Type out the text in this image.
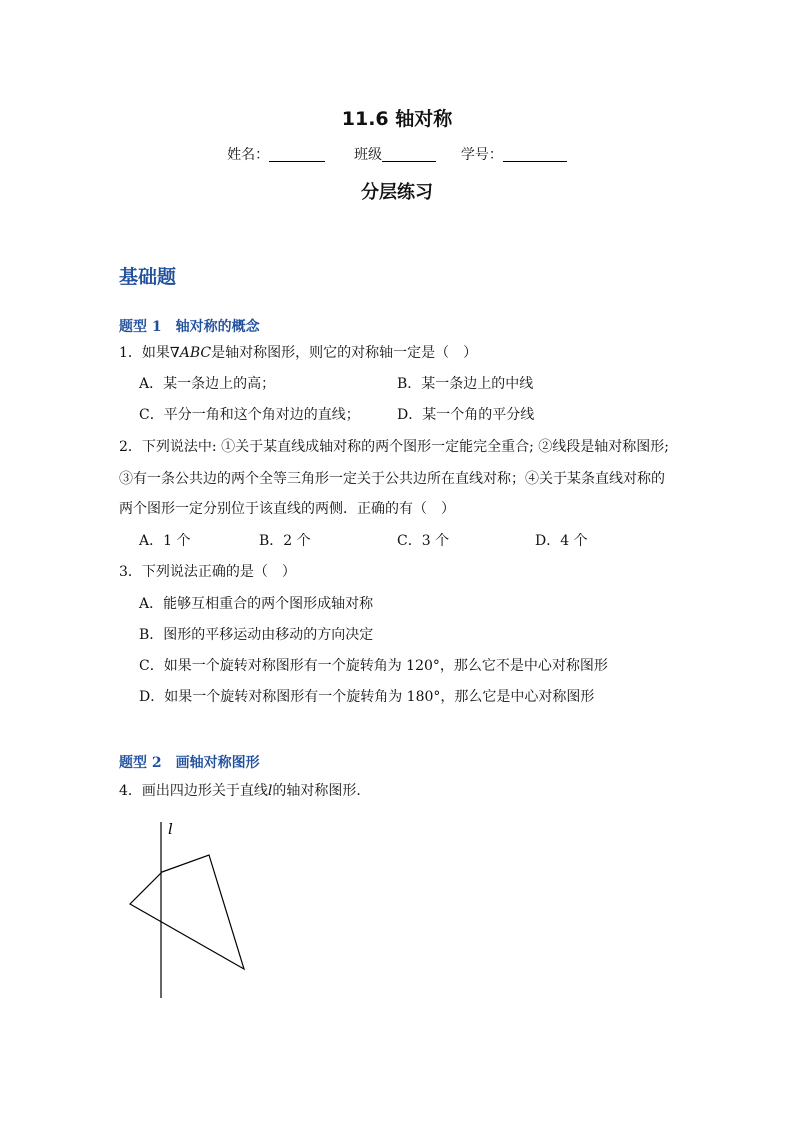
11.6 轴对称
姓名：	班级	学号：
分层练习
基础题
题型 1　轴对称的概念
1．如果∇ABC是轴对称图形，则它的对称轴一定是（　）
A．某一条边上的高；	B．某一条边上的中线
C．平分一角和这个角对边的直线；	D．某一个角的平分线
2．下列说法中: ①关于某直线成轴对称的两个图形一定能完全重合; ②线段是轴对称图形;
③有一条公共边的两个全等三角形一定关于公共边所在直线对称；④关于某条直线对称的
两个图形一定分别位于该直线的两侧．正确的有（　）
A．1 个	B．2 个	C．3 个	D．4 个
3．下列说法正确的是（　）
A．能够互相重合的两个图形成轴对称
B．图形的平移运动由移动的方向决定
C．如果一个旋转对称图形有一个旋转角为 120°，那么它不是中心对称图形
D．如果一个旋转对称图形有一个旋转角为 180°，那么它是中心对称图形
题型 2　画轴对称图形
4．画出四边形关于直线l的轴对称图形．
l
